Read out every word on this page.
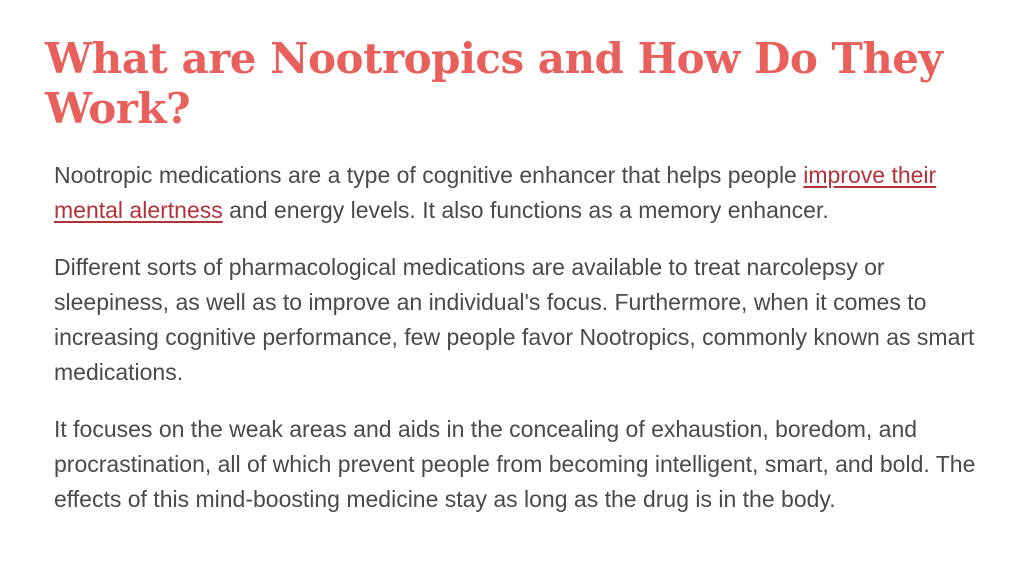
What are Nootropics and How Do They Work?

Nootropic medications are a type of cognitive enhancer that helps people improve their mental alertness and energy levels. It also functions as a memory enhancer.

Different sorts of pharmacological medications are available to treat narcolepsy or sleepiness, as well as to improve an individual's focus. Furthermore, when it comes to increasing cognitive performance, few people favor Nootropics, commonly known as smart medications.

It focuses on the weak areas and aids in the concealing of exhaustion, boredom, and procrastination, all of which prevent people from becoming intelligent, smart, and bold. The effects of this mind-boosting medicine stay as long as the drug is in the body.
